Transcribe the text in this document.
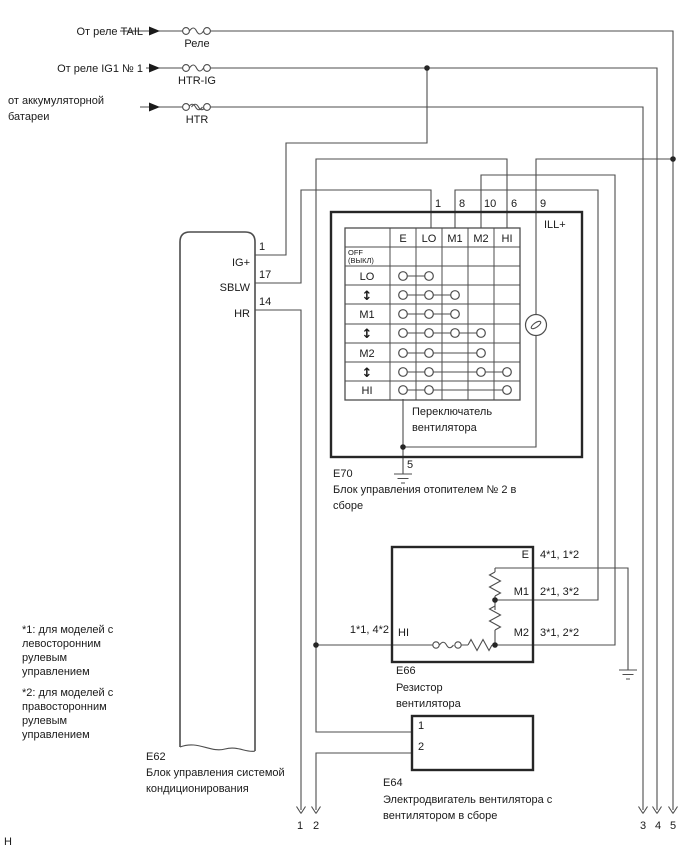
От реле TAIL
Реле
От реле IG1 № 1
HTR-IG
от аккумуляторной
батареи	HTR
1
IG+
17
SBLW
14
HR
E62
Блок управления системой
кондиционирования
1 8 10 6 9
ILL+
5
E LO M1 M2 HI
OFF
(ВЫКЛ)
LO
↕
M1
↕
M2
↕
HI
Переключатель
вентилятора
E70
Блок управления отопителем № 2 в
сборе
E 4*1, 1*2
M1 2*1, 3*2
M2 3*1, 2*2
HI
1*1, 4*2
E66
Резистор
вентилятора
1
2
E64
Электродвигатель вентилятора с
вентилятором в сборе
*1: для моделей с
левосторонним
рулевым
управлением
*2: для моделей с
правосторонним
рулевым
управлением
1 2	3 4 5
Н
